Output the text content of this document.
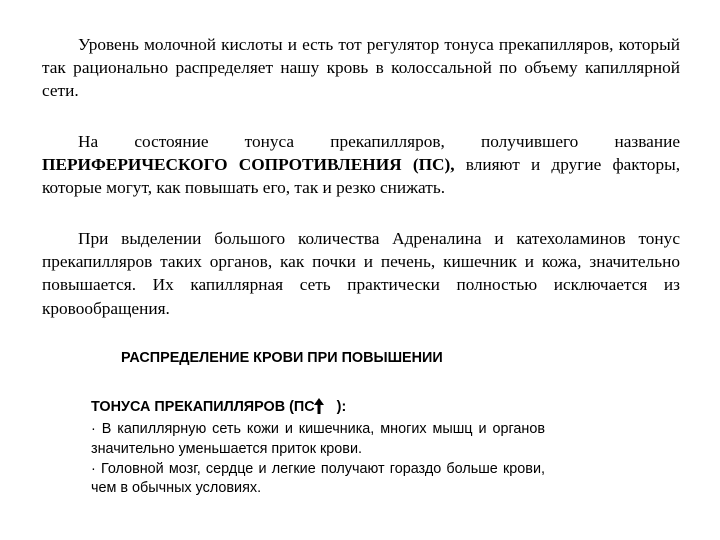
Уровень молочной кислоты и есть тот регулятор тонуса прекапилляров, который так рационально распределяет нашу кровь в колоссальной по объему капиллярной сети.

На состояние тонуса прекапилляров, получившего название ПЕРИФЕРИЧЕСКОГО СОПРОТИВЛЕНИЯ (ПС), влияют и другие факторы, которые могут, как повышать его, так и резко снижать.

При выделении большого количества Адреналина и катехоламинов тонус прекапилляров таких органов, как почки и печень, кишечник и кожа, значительно повышается. Их капиллярная сеть практически полностью исключается из кровообращения.

РАСПРЕДЕЛЕНИЕ КРОВИ ПРИ ПОВЫШЕНИИ

ТОНУСА ПРЕКАПИЛЛЯРОВ (ПС ):

· В капиллярную сеть кожи и кишечника, многих мышц и органов значительно уменьшается приток крови.
· Головной мозг, сердце и легкие получают гораздо больше крови, чем в обычных условиях.
